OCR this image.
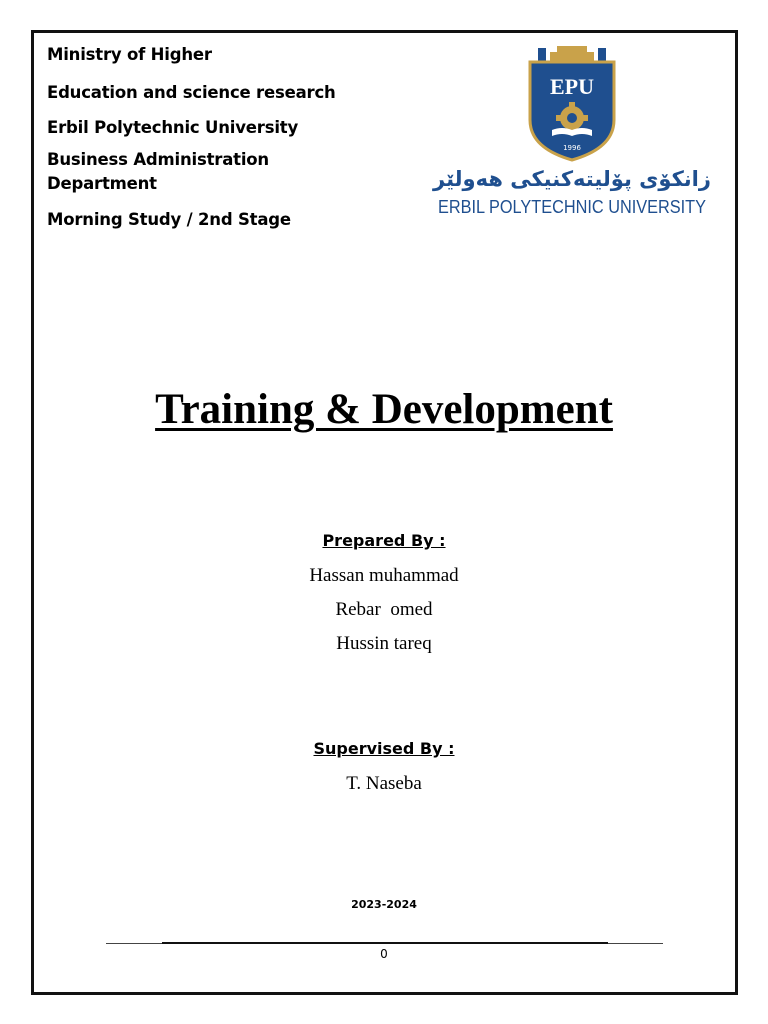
Ministry of Higher
Education and science research
Erbil Polytechnic University
Business Administration
Department
Morning Study / 2nd Stage
EPU
1996
زانكۆی پۆلیتەكنیكی هەولێر
ERBIL POLYTECHNIC UNIVERSITY
Training & Development
Prepared By :
Hassan muhammad
Rebar  omed
Hussin tareq
Supervised By :
T. Naseba
2023-2024
0
